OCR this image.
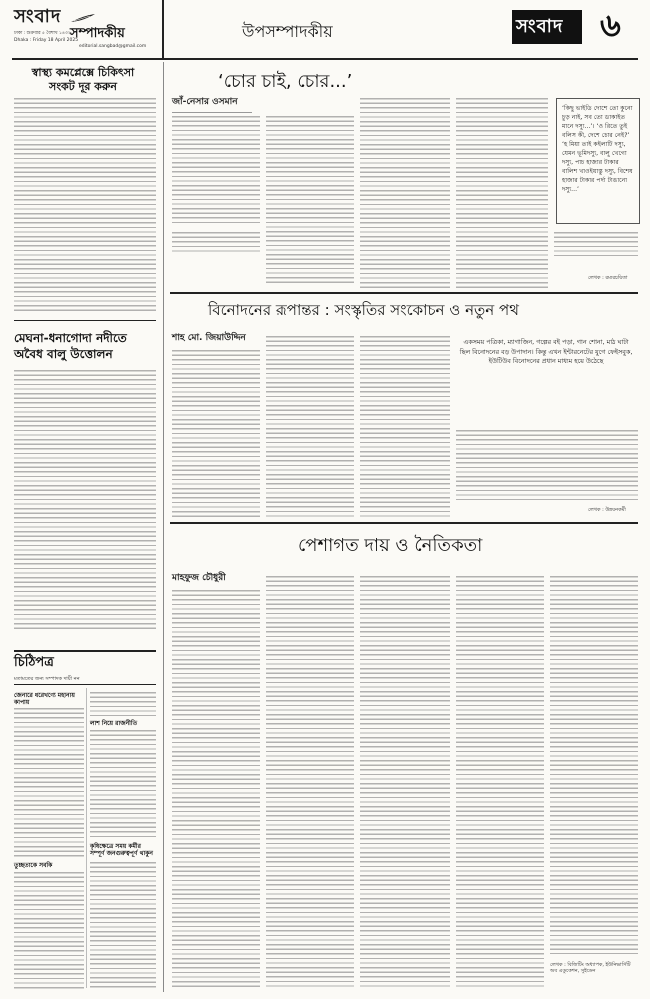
সংবাদ
সম্পাদকীয়
ঢাকা : শুক্রবার ৫ বৈশাখ ১৪৩২
Dhaka : Friday 18 April 2025
editorial.sangbad@gmail.com
উপসম্পাদকীয়	সংবাদ ৬
স্বাস্থ্য কমপ্লেক্সে চিকিৎসা সংকট দূর করুন
মেঘনা-ধনাগোদা নদীতে অবৈধ বালু উত্তোলন
চিঠিপত্র
মতামতের জন্য সম্পাদক দায়ী নন
জেনারে ধরেখণ্যে মহানায় কাপায়
তুচ্ছতাকে সবকি
লাশ নিয়ে রাজনীতি
কৃষিক্ষেত্রে সময় কর্মীর সম্পূর্ণ জনগুরুত্বপূর্ণ থাকুন
‘চোর চাই, চোর...’
জাঁ-নেসার ওসমান
‘কিছু ভাইডি দোশে তো কুনো চুড় নাই, সব তো ডাকাইত মানে দস্যু...’। ‘ও রিতে তুই বলিস কী, দেশে চোর নেই?’ ‘হ মিয়া তাই কইলাটি দস্যু, যেমন ভূমিদস্যু, বালু খেগো দস্যু, পাচ হাজার টাকার বালিশ খাওইয়াস্তু দস্যু, বিশেষ হাজার টাকার পর্দা টাঙানো দস্যু...’
লেখক : রম্যরচয়িতা
বিনোদনের রূপান্তর : সংস্কৃতির সংকোচন ও নতুন পথ
শাহ মো. জিয়াউদ্দিন	একসময় পত্রিকা, ম্যাগাজিন, গল্পের বই পড়া, গান শোনা, মাঠ ঘাটা ছিল বিনোদনের বড় উপাদান। কিন্তু এখন ইন্টারনেটের যুগে ফেইসবুক, ইউটিউব বিনোদনের প্রধান মাধ্যম হয়ে উঠেছে
লেখক : উন্নয়নকর্মী
পেশাগত দায় ও নৈতিকতা
মাহফুজ চৌধুরী
লেখক : বিজিটিং অধ্যাপক, ইউনিভার্সিটি অব এডুকেশন, সুইডেন
